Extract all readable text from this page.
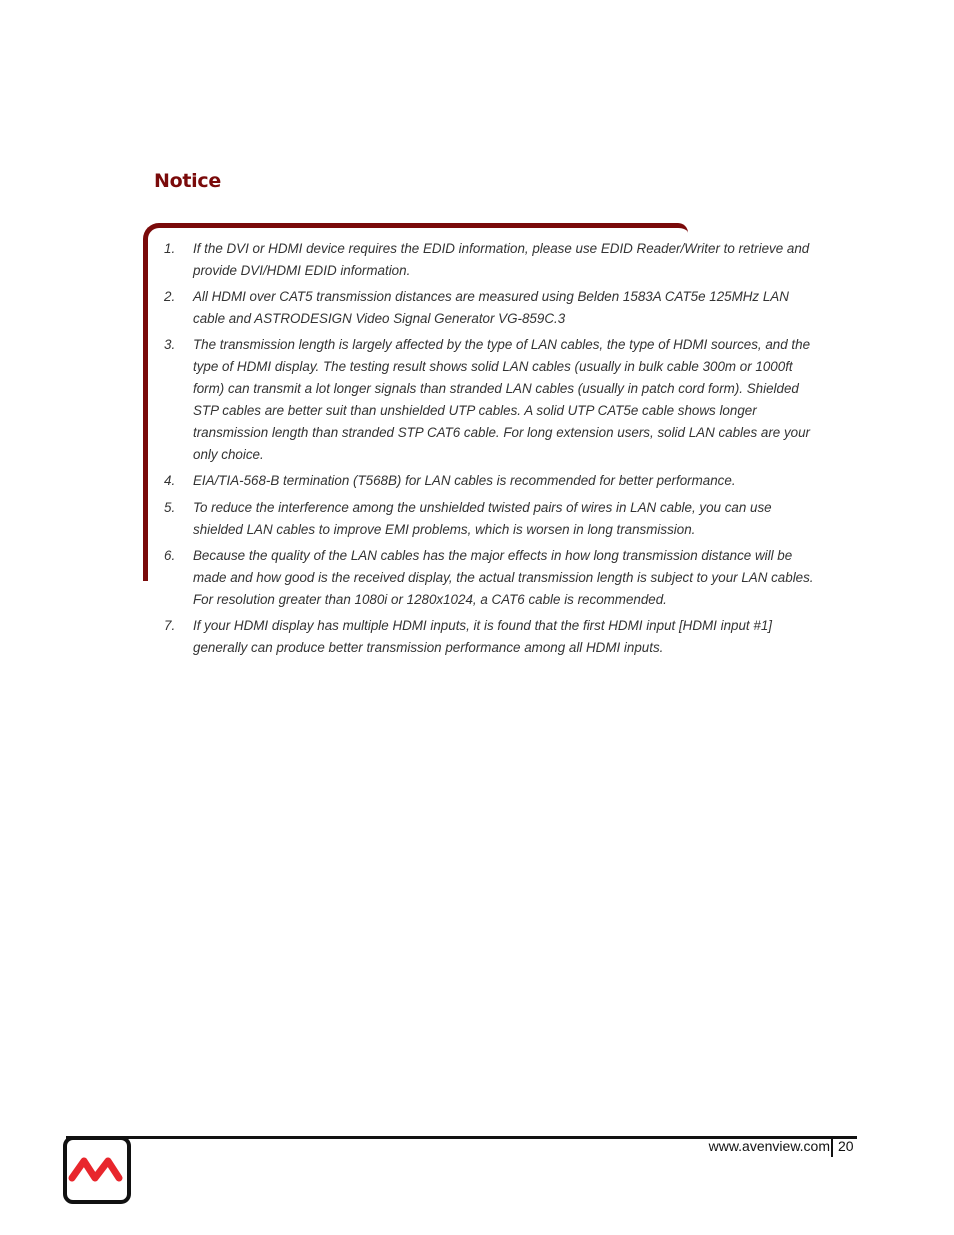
Notice
1. If the DVI or HDMI device requires the EDID information, please use EDID Reader/Writer to retrieve and provide DVI/HDMI EDID information.
2. All HDMI over CAT5 transmission distances are measured using Belden 1583A CAT5e 125MHz LAN cable and ASTRODESIGN Video Signal Generator VG-859C.3
3. The transmission length is largely affected by the type of LAN cables, the type of HDMI sources, and the type of HDMI display. The testing result shows solid LAN cables (usually in bulk cable 300m or 1000ft form) can transmit a lot longer signals than stranded LAN cables (usually in patch cord form). Shielded STP cables are better suit than unshielded UTP cables. A solid UTP CAT5e cable shows longer transmission length than stranded STP CAT6 cable. For long extension users, solid LAN cables are your only choice.
4. EIA/TIA-568-B termination (T568B) for LAN cables is recommended for better performance.
5. To reduce the interference among the unshielded twisted pairs of wires in LAN cable, you can use shielded LAN cables to improve EMI problems, which is worsen in long transmission.
6. Because the quality of the LAN cables has the major effects in how long transmission distance will be made and how good is the received display, the actual transmission length is subject to your LAN cables. For resolution greater than 1080i or 1280x1024, a CAT6 cable is recommended.
7. If your HDMI display has multiple HDMI inputs, it is found that the first HDMI input [HDMI input #1] generally can produce better transmission performance among all HDMI inputs.
www.avenview.com 20
